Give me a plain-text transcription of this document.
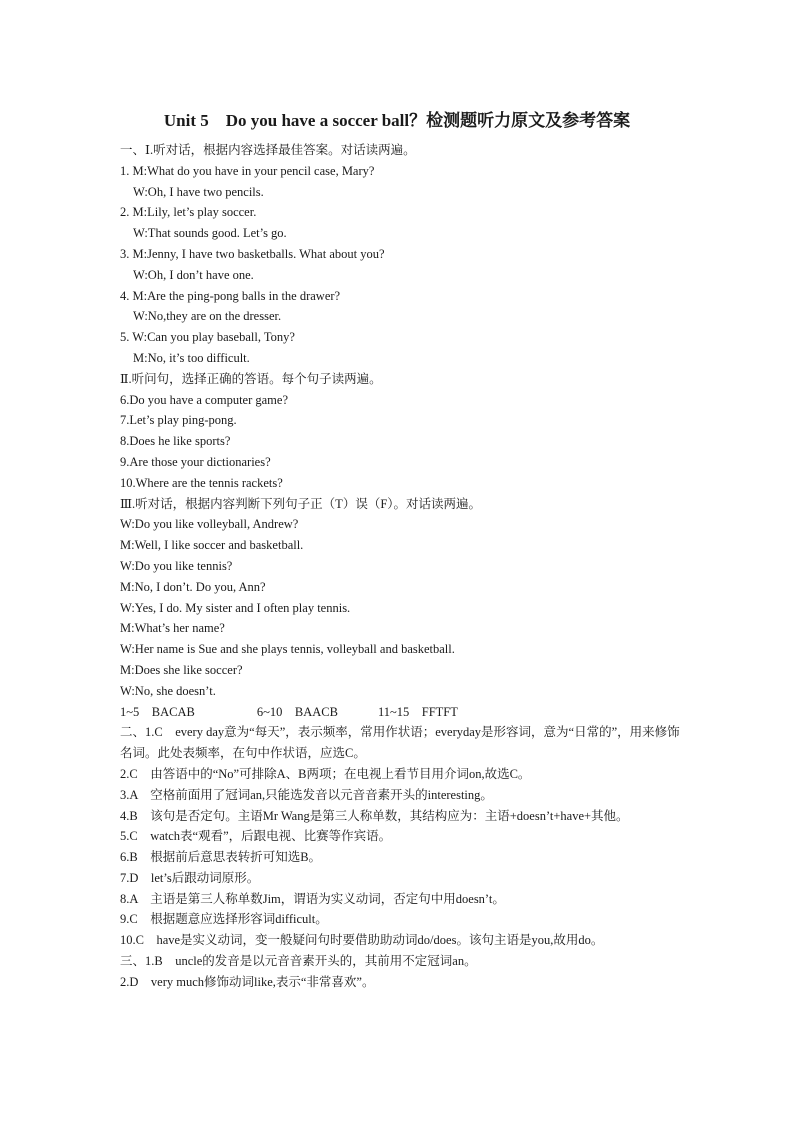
Unit 5　Do you have a soccer ball？检测题听力原文及参考答案
一、Ⅰ.听对话，根据内容选择最佳答案。对话读两遍。
1. M:What do you have in your pencil case, Mary?
W:Oh, I have two pencils.
2. M:Lily, let’s play soccer.
W:That sounds good. Let’s go.
3. M:Jenny, I have two basketballs. What about you?
W:Oh, I don’t have one.
4. M:Are the ping-pong balls in the drawer?
W:No,they are on the dresser.
5. W:Can you play baseball, Tony?
M:No, it’s too difficult.
Ⅱ.听问句，选择正确的答语。每个句子读两遍。
6.Do you have a computer game?
7.Let’s play ping-pong.
8.Does he like sports?
9.Are those your dictionaries?
10.Where are the tennis rackets?
Ⅲ.听对话，根据内容判断下列句子正（T）误（F）。对话读两遍。
W:Do you like volleyball, Andrew?
M:Well, I like soccer and basketball.
W:Do you like tennis?
M:No, I don’t. Do you, Ann?
W:Yes, I do. My sister and I often play tennis.
M:What’s her name?
W:Her name is Sue and she plays tennis, volleyball and basketball.
M:Does she like soccer?
W:No, she doesn’t.
1~5　BACAB	6~10　BAACB	11~15　FFTFT
二、1.C　every day意为“每天”，表示频率，常用作状语；everyday是形容词，意为“日常的”，用来修饰名词。此处表频率，在句中作状语，应选C。
2.C　由答语中的“No”可排除A、B两项；在电视上看节目用介词on,故选C。
3.A　空格前面用了冠词an,只能选发音以元音音素开头的interesting。
4.B　该句是否定句。主语Mr Wang是第三人称单数，其结构应为：主语+doesn’t+have+其他。
5.C　watch表“观看”，后跟电视、比赛等作宾语。
6.B　根据前后意思表转折可知选B。
7.D　let’s后跟动词原形。
8.A　主语是第三人称单数Jim，谓语为实义动词，否定句中用doesn’t。
9.C　根据题意应选择形容词difficult。
10.C　have是实义动词，变一般疑问句时要借助助动词do/does。该句主语是you,故用do。
三、1.B　uncle的发音是以元音音素开头的，其前用不定冠词an。
2.D　very much修饰动词like,表示“非常喜欢”。
